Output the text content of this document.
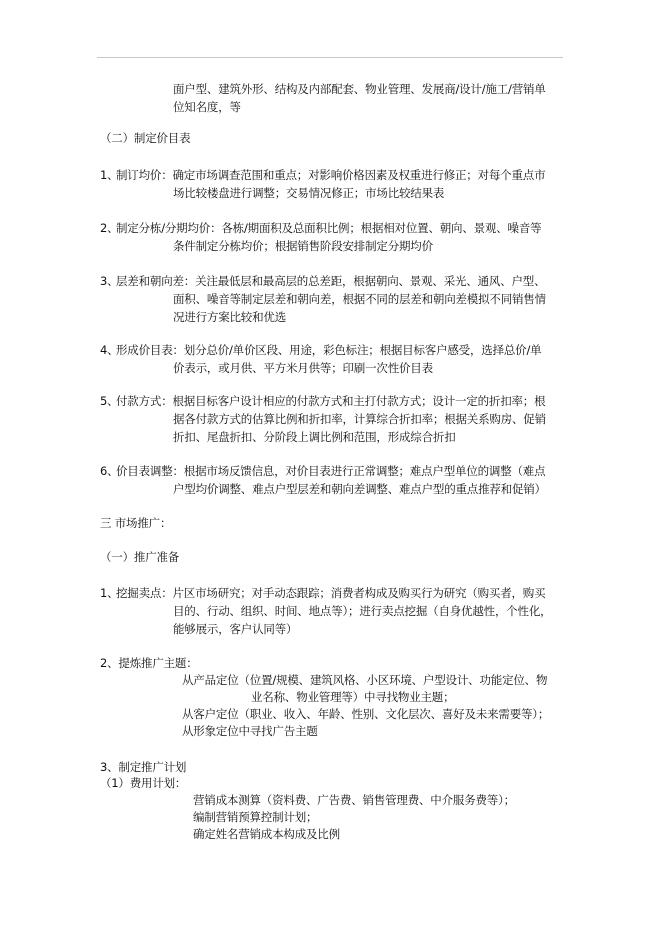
面户型、建筑外形、结构及内部配套、物业管理、发展商/设计/施工/营销单
位知名度，等
（二）制定价目表
1、
制订均价：确定市场调查范围和重点；对影响价格因素及权重进行修正；对每个重点市
场比较楼盘进行调整；交易情况修正；市场比较结果表
2、
制定分栋/分期均价：各栋/期面积及总面积比例；根据相对位置、朝向、景观、噪音等
条件制定分栋均价；根据销售阶段安排制定分期均价
3、
层差和朝向差：关注最低层和最高层的总差距，根据朝向、景观、采光、通风、户型、
面积、噪音等制定层差和朝向差，根据不同的层差和朝向差模拟不同销售情
况进行方案比较和优选
4、
形成价目表：划分总价/单价区段、用途，彩色标注；根据目标客户感受，选择总价/单
价表示，或月供、平方米月供等；印刷一次性价目表
5、
付款方式：根据目标客户设计相应的付款方式和主打付款方式；设计一定的折扣率；根
据各付款方式的估算比例和折扣率，计算综合折扣率；根据关系购房、促销
折扣、尾盘折扣、分阶段上调比例和范围，形成综合折扣
6、
价目表调整：根据市场反馈信息，对价目表进行正常调整；难点户型单位的调整（难点
户型均价调整、难点户型层差和朝向差调整、难点户型的重点推荐和促销）
三 市场推广：
（一）推广准备
1、
挖掘卖点：片区市场研究；对手动态跟踪；消费者构成及购买行为研究（购买者，购买
目的、行动、组织、时间、地点等）；进行卖点挖掘（自身优越性，个性化，
能够展示，客户认同等）
2、提炼推广主题：
从产品定位（位置/规模、建筑风格、小区环境、户型设计、功能定位、物
业名称、物业管理等）中寻找物业主题；
从客户定位（职业、收入、年龄、性别、文化层次、喜好及未来需要等）；
从形象定位中寻找广告主题
3、制定推广计划
（1）费用计划：
营销成本测算（资料费、广告费、销售管理费、中介服务费等）；
编制营销预算控制计划；
确定姓名营销成本构成及比例
